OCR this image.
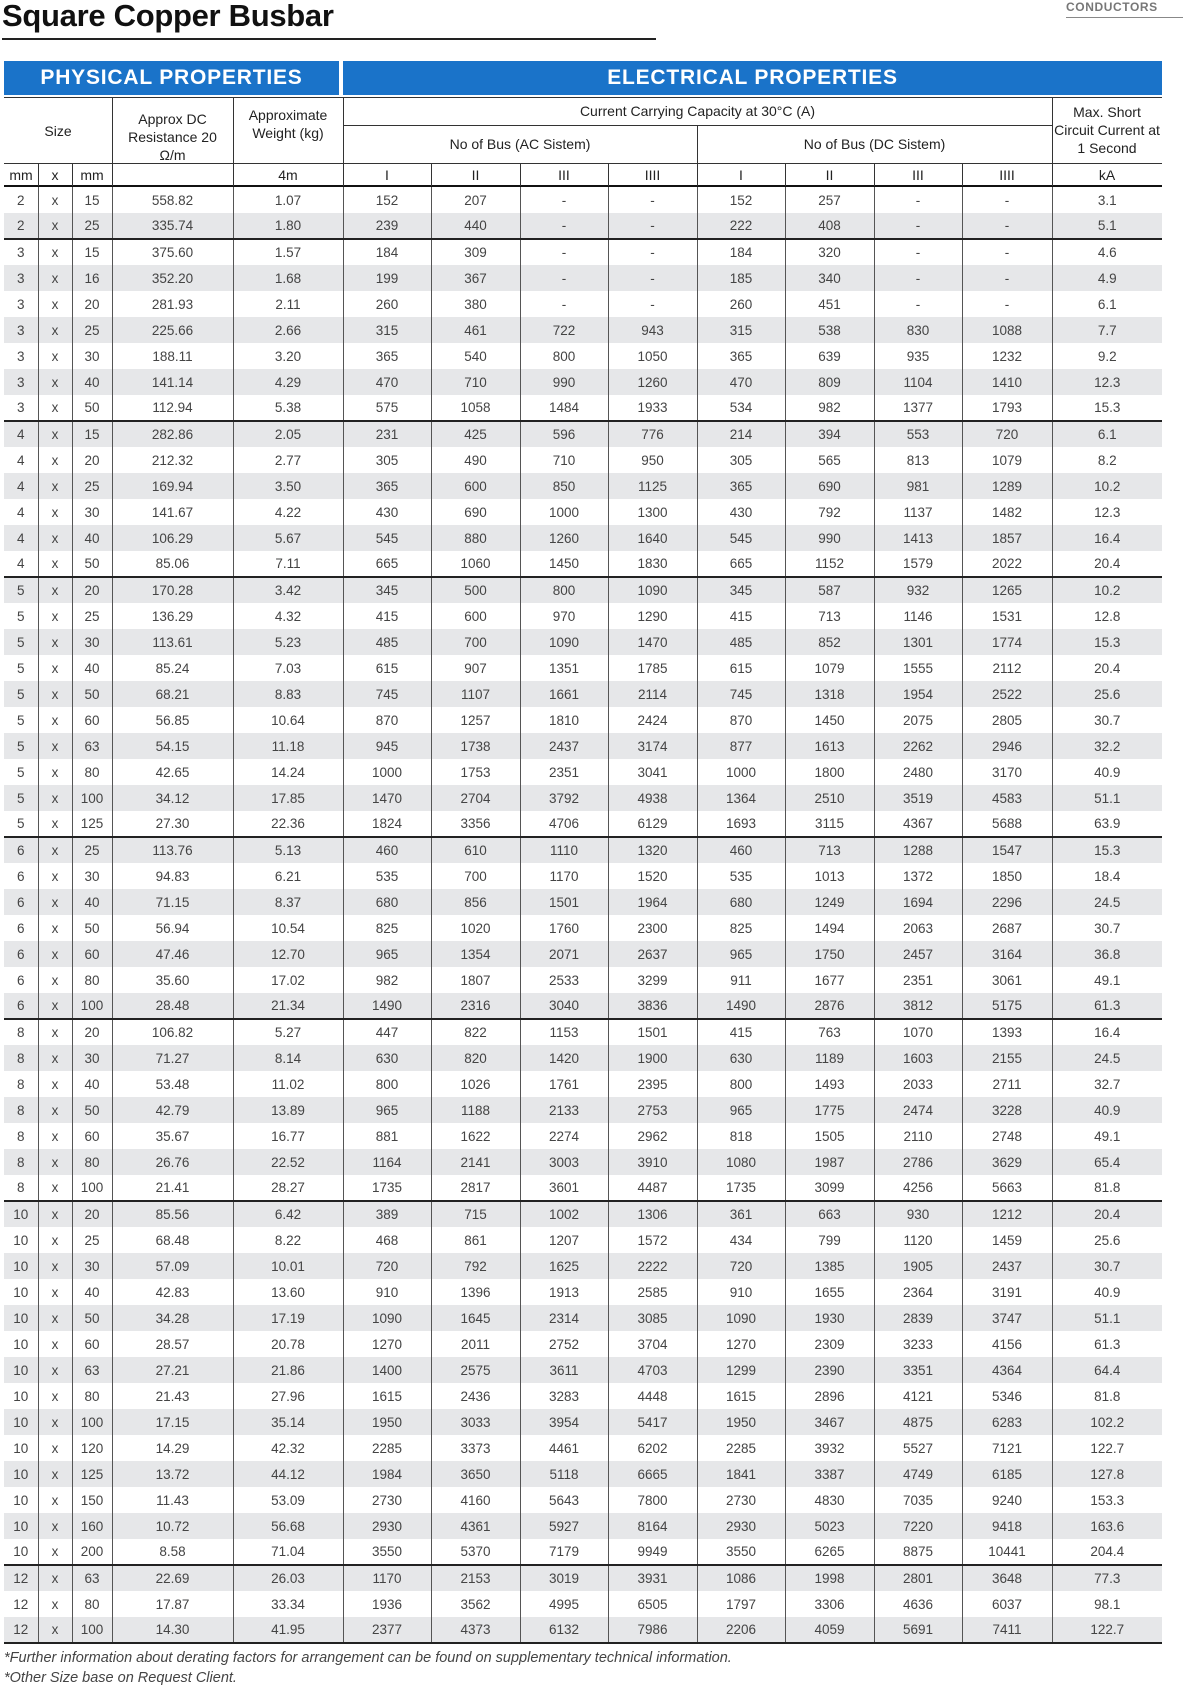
Square Copper Busbar	CONDUCTORS
PHYSICAL PROPERTIES	ELECTRICAL PROPERTIES
Size
Approx DC Resistance 20 Ω/m
Approximate Weight (kg)
Current Carrying Capacity at 30°C (A)
No of Bus (AC Sistem)	No of Bus (DC Sistem)
Max. Short Circuit Current at 1 Second
mm	x	mm	4m	I	II	III	IIII	I	II	III	IIII	kA
2	x	15	558.82	1.07	152	207	-	-	152	257	-	-	3.1
2	x	25	335.74	1.80	239	440	-	-	222	408	-	-	5.1
3	x	15	375.60	1.57	184	309	-	-	184	320	-	-	4.6
3	x	16	352.20	1.68	199	367	-	-	185	340	-	-	4.9
3	x	20	281.93	2.11	260	380	-	-	260	451	-	-	6.1
3	x	25	225.66	2.66	315	461	722	943	315	538	830	1088	7.7
3	x	30	188.11	3.20	365	540	800	1050	365	639	935	1232	9.2
3	x	40	141.14	4.29	470	710	990	1260	470	809	1104	1410	12.3
3	x	50	112.94	5.38	575	1058	1484	1933	534	982	1377	1793	15.3
4	x	15	282.86	2.05	231	425	596	776	214	394	553	720	6.1
4	x	20	212.32	2.77	305	490	710	950	305	565	813	1079	8.2
4	x	25	169.94	3.50	365	600	850	1125	365	690	981	1289	10.2
4	x	30	141.67	4.22	430	690	1000	1300	430	792	1137	1482	12.3
4	x	40	106.29	5.67	545	880	1260	1640	545	990	1413	1857	16.4
4	x	50	85.06	7.11	665	1060	1450	1830	665	1152	1579	2022	20.4
5	x	20	170.28	3.42	345	500	800	1090	345	587	932	1265	10.2
5	x	25	136.29	4.32	415	600	970	1290	415	713	1146	1531	12.8
5	x	30	113.61	5.23	485	700	1090	1470	485	852	1301	1774	15.3
5	x	40	85.24	7.03	615	907	1351	1785	615	1079	1555	2112	20.4
5	x	50	68.21	8.83	745	1107	1661	2114	745	1318	1954	2522	25.6
5	x	60	56.85	10.64	870	1257	1810	2424	870	1450	2075	2805	30.7
5	x	63	54.15	11.18	945	1738	2437	3174	877	1613	2262	2946	32.2
5	x	80	42.65	14.24	1000	1753	2351	3041	1000	1800	2480	3170	40.9
5	x	100	34.12	17.85	1470	2704	3792	4938	1364	2510	3519	4583	51.1
5	x	125	27.30	22.36	1824	3356	4706	6129	1693	3115	4367	5688	63.9
6	x	25	113.76	5.13	460	610	1110	1320	460	713	1288	1547	15.3
6	x	30	94.83	6.21	535	700	1170	1520	535	1013	1372	1850	18.4
6	x	40	71.15	8.37	680	856	1501	1964	680	1249	1694	2296	24.5
6	x	50	56.94	10.54	825	1020	1760	2300	825	1494	2063	2687	30.7
6	x	60	47.46	12.70	965	1354	2071	2637	965	1750	2457	3164	36.8
6	x	80	35.60	17.02	982	1807	2533	3299	911	1677	2351	3061	49.1
6	x	100	28.48	21.34	1490	2316	3040	3836	1490	2876	3812	5175	61.3
8	x	20	106.82	5.27	447	822	1153	1501	415	763	1070	1393	16.4
8	x	30	71.27	8.14	630	820	1420	1900	630	1189	1603	2155	24.5
8	x	40	53.48	11.02	800	1026	1761	2395	800	1493	2033	2711	32.7
8	x	50	42.79	13.89	965	1188	2133	2753	965	1775	2474	3228	40.9
8	x	60	35.67	16.77	881	1622	2274	2962	818	1505	2110	2748	49.1
8	x	80	26.76	22.52	1164	2141	3003	3910	1080	1987	2786	3629	65.4
8	x	100	21.41	28.27	1735	2817	3601	4487	1735	3099	4256	5663	81.8
10	x	20	85.56	6.42	389	715	1002	1306	361	663	930	1212	20.4
10	x	25	68.48	8.22	468	861	1207	1572	434	799	1120	1459	25.6
10	x	30	57.09	10.01	720	792	1625	2222	720	1385	1905	2437	30.7
10	x	40	42.83	13.60	910	1396	1913	2585	910	1655	2364	3191	40.9
10	x	50	34.28	17.19	1090	1645	2314	3085	1090	1930	2839	3747	51.1
10	x	60	28.57	20.78	1270	2011	2752	3704	1270	2309	3233	4156	61.3
10	x	63	27.21	21.86	1400	2575	3611	4703	1299	2390	3351	4364	64.4
10	x	80	21.43	27.96	1615	2436	3283	4448	1615	2896	4121	5346	81.8
10	x	100	17.15	35.14	1950	3033	3954	5417	1950	3467	4875	6283	102.2
10	x	120	14.29	42.32	2285	3373	4461	6202	2285	3932	5527	7121	122.7
10	x	125	13.72	44.12	1984	3650	5118	6665	1841	3387	4749	6185	127.8
10	x	150	11.43	53.09	2730	4160	5643	7800	2730	4830	7035	9240	153.3
10	x	160	10.72	56.68	2930	4361	5927	8164	2930	5023	7220	9418	163.6
10	x	200	8.58	71.04	3550	5370	7179	9949	3550	6265	8875	10441	204.4
12	x	63	22.69	26.03	1170	2153	3019	3931	1086	1998	2801	3648	77.3
12	x	80	17.87	33.34	1936	3562	4995	6505	1797	3306	4636	6037	98.1
12	x	100	14.30	41.95	2377	4373	6132	7986	2206	4059	5691	7411	122.7
*Further information about derating factors for arrangement can be found on supplementary technical information.
*Other Size base on Request Client.
